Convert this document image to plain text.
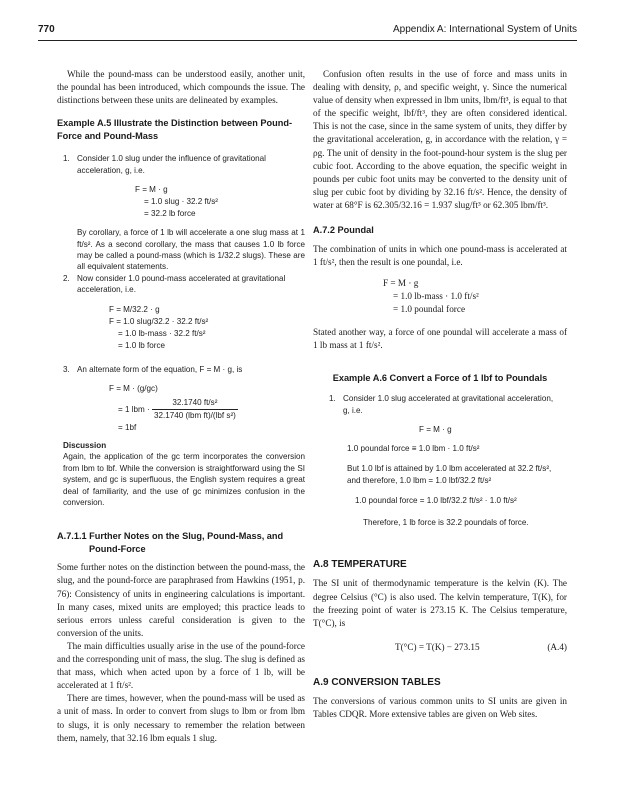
770	Appendix A: International System of Units

While the pound-mass can be understood easily, another unit, the poundal has been introduced, which compounds the issue. The distinctions between these units are delineated by examples.

Example A.5 Illustrate the Distinction between Pound-Force and Pound-Mass
1. Consider 1.0 slug under the influence of gravitational acceleration, g, i.e.

F = M · g
= 1.0 slug · 32.2 ft/s²
= 32.2 lb force

By corollary, a force of 1 lb will accelerate a one slug mass at 1 ft/s². As a second corollary, the mass that causes 1.0 lb force may be called a pound-mass (which is 1/32.2 slugs). These are all equivalent statements.

2. Now consider 1.0 pound-mass accelerated at gravitational acceleration, i.e.

F = M/32.2 · g
F = 1.0 slug/32.2 · 32.2 ft/s²
= 1.0 lb-mass · 32.2 ft/s²
= 1.0 lb force
3. An alternate form of the equation, F = M · g, is

F = M · (g/gc)
= 1 lbm · $\frac{\text{32.1740 ft/s²}}{\text{32.1740 (lbm ft)/(lbf s²)}}$
= 1bf
Discussion

Again, the application of the gc term incorporates the conversion from lbm to lbf. While the conversion is straightforward using the SI system, and gc is superfluous, the English system requires a great deal of familiarity, and the use of gc minimizes confusion in the conversion.

A.7.1.1 Further Notes on the Slug, Pound-Mass, and Pound-Force

Some further notes on the distinction between the pound-mass, the slug, and the pound-force are paraphrased from Hawkins (1951, p. 76): Consistency of units in engineering calculations is important. In many cases, mixed units are employed; this practice leads to serious errors unless careful consideration is given to the conversion of the units.

The main difficulties usually arise in the use of the pound-force and the corresponding unit of mass, the slug. The slug is defined as that mass, which when acted upon by a force of 1 lb, will be accelerated at 1 ft/s².

There are times, however, when the pound-mass will be used as a unit of mass. In order to convert from slugs to lbm or from lbm to slugs, it is only necessary to remember the relation between them, namely, that 32.16 lbm equals 1 slug.

Confusion often results in the use of force and mass units in dealing with density, ρ, and specific weight, γ. Since the numerical value of density when expressed in lbm units, lbm/ft³, is equal to that of the specific weight, lbf/ft³, they are often considered identical. This is not the case, since in the same system of units, they differ by the gravitational acceleration, g, in accordance with the relation, γ = ρg. The unit of density in the foot-pound-hour system is the slug per cubic foot. According to the above equation, the specific weight in pounds per cubic foot units may be converted to the density unit of slug per cubic foot by dividing by 32.16 ft/s². Hence, the density of water at 68°F is 62.305/32.16 = 1.937 slug/ft³ or 62.305 lbm/ft³.

A.7.2 Poundal

The combination of units in which one pound-mass is accelerated at 1 ft/s², then the result is one poundal, i.e.

F = M · g
= 1.0 lb-mass · 1.0 ft/s²
= 1.0 poundal force

Stated another way, a force of one poundal will accelerate a mass of 1 lb mass at 1 ft/s².

Example A.6 Convert a Force of 1 lbf to Poundals
1. Consider 1.0 slug accelerated at gravitational acceleration, g, i.e.

F = M · g
1.0 poundal force ≡ 1.0 lbm · 1.0 ft/s²

But 1.0 lbf is attained by 1.0 lbm accelerated at 32.2 ft/s², and therefore, 1.0 lbm = 1.0 lbf/32.2 ft/s²

1.0 poundal force = 1.0 lbf/32.2 ft/s² · 1.0 ft/s²

Therefore, 1 lb force is 32.2 poundals of force.

A.8 TEMPERATURE

The SI unit of thermodynamic temperature is the kelvin (K). The degree Celsius (°C) is also used. The kelvin temperature, T(K), for the freezing point of water is 273.15 K. The Celsius temperature, T(°C), is

T(°C) = T(K) − 273.15	(A.4)
A.9 CONVERSION TABLES

The conversions of various common units to SI units are given in Tables CDQR. More extensive tables are given on Web sites.
